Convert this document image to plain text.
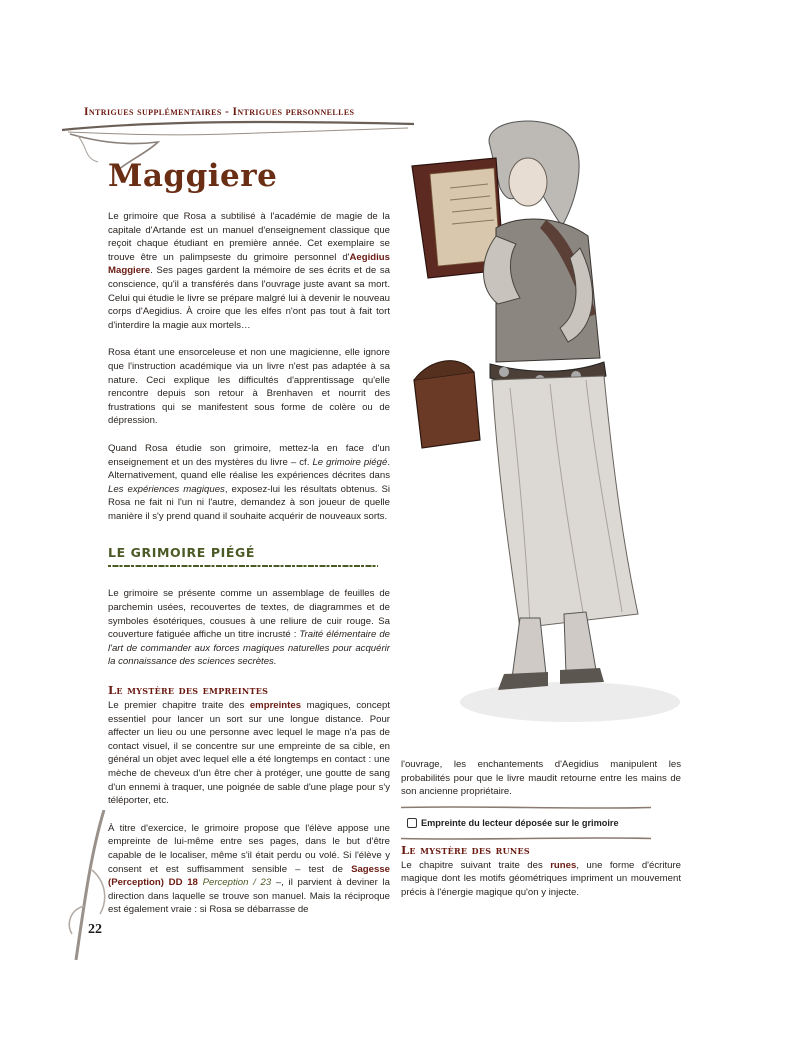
Intrigues supplémentaires - Intrigues personnelles
Maggiere

Le grimoire que Rosa a subtilisé à l'académie de magie de la capitale d'Artande est un manuel d'enseignement classique que reçoit chaque étudiant en première année. Cet exemplaire se trouve être un palimpseste du grimoire personnel d'Aegidius Maggiere. Ses pages gardent la mémoire de ses écrits et de sa conscience, qu'il a transférés dans l'ouvrage juste avant sa mort. Celui qui étudie le livre se prépare malgré lui à devenir le nouveau corps d'Aegidius. À croire que les elfes n'ont pas tout à fait tort d'interdire la magie aux mortels…

Rosa étant une ensorceleuse et non une magicienne, elle ignore que l'instruction académique via un livre n'est pas adaptée à sa nature. Ceci explique les difficultés d'apprentissage qu'elle rencontre depuis son retour à Brenhaven et nourrit des frustrations qui se manifestent sous forme de colère ou de dépression.

Quand Rosa étudie son grimoire, mettez-la en face d'un enseignement et un des mystères du livre – cf. Le grimoire piégé. Alternativement, quand elle réalise les expériences décrites dans Les expériences magiques, exposez-lui les résultats obtenus. Si Rosa ne fait ni l'un ni l'autre, demandez à son joueur de quelle manière il s'y prend quand il souhaite acquérir de nouveaux sorts.

LE GRIMOIRE PIÉGÉ

Le grimoire se présente comme un assemblage de feuilles de parchemin usées, recouvertes de textes, de diagrammes et de symboles ésotériques, cousues à une reliure de cuir rouge. Sa couverture fatiguée affiche un titre incrusté : Traité élémentaire de l'art de commander aux forces magiques naturelles pour acquérir la connaissance des sciences secrètes.

Le mystère des empreintes

Le premier chapitre traite des empreintes magiques, concept essentiel pour lancer un sort sur une longue distance. Pour affecter un lieu ou une personne avec lequel le mage n'a pas de contact visuel, il se concentre sur une empreinte de sa cible, en général un objet avec lequel elle a été longtemps en contact : une mèche de cheveux d'un être cher à protéger, une goutte de sang d'un ennemi à traquer, une poignée de sable d'une plage pour s'y téléporter, etc.

À titre d'exercice, le grimoire propose que l'élève appose une empreinte de lui-même entre ses pages, dans le but d'être capable de le localiser, même s'il était perdu ou volé. Si l'élève y consent et est suffisamment sensible – test de Sagesse (Perception) DD 18 Perception / 23 –, il parvient à deviner la direction dans laquelle se trouve son manuel. Mais la réciproque est également vraie : si Rosa se débarrasse de

l'ouvrage, les enchantements d'Aegidius manipulent les probabilités pour que le livre maudit retourne entre les mains de son ancienne propriétaire.

Empreinte du lecteur déposée sur le grimoire
Le mystère des runes

Le chapitre suivant traite des runes, une forme d'écriture magique dont les motifs géométriques impriment un mouvement précis à l'énergie magique qu'on y injecte.

22
